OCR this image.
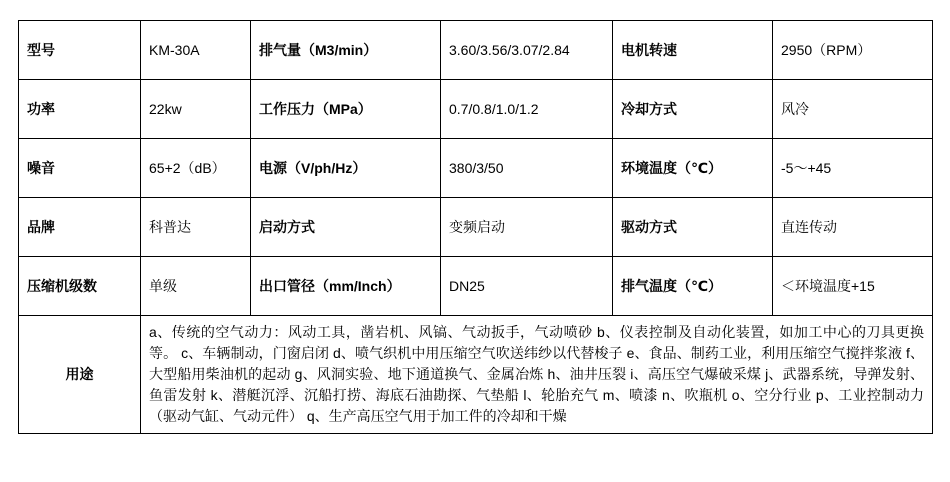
型号	KM-30A	排气量（M3/min）	3.60/3.56/3.07/2.84	电机转速	2950（RPM）
功率	22kw	工作压力（MPa）	0.7/0.8/1.0/1.2	冷却方式	风冷
噪音	65+2（dB）	电源（V/ph/Hz）	380/3/50	环境温度（℃）	-5～+45
品牌	科普达	启动方式	变频启动	驱动方式	直连传动
压缩机级数	单级	出口管径（mm/Inch）	DN25	排气温度（℃）	＜环境温度+15
用途	a、传统的空气动力：风动工具，凿岩机、风镐、气动扳手，气动喷砂 b、仪表控制及自动化装置，如加工中心的刀具更换等。 c、车辆制动，门窗启闭 d、喷气织机中用压缩空气吹送纬纱以代替梭子 e、食品、制药工业，利用压缩空气搅拌浆液 f、大型船用柴油机的起动 g、风洞实验、地下通道换气、金属冶炼 h、油井压裂 i、高压空气爆破采煤 j、武器系统，导弹发射、鱼雷发射 k、潜艇沉浮、沉船打捞、海底石油勘探、气垫船 l、轮胎充气 m、喷漆 n、吹瓶机 o、空分行业 p、工业控制动力（驱动气缸、气动元件） q、生产高压空气用于加工件的冷却和干燥				
